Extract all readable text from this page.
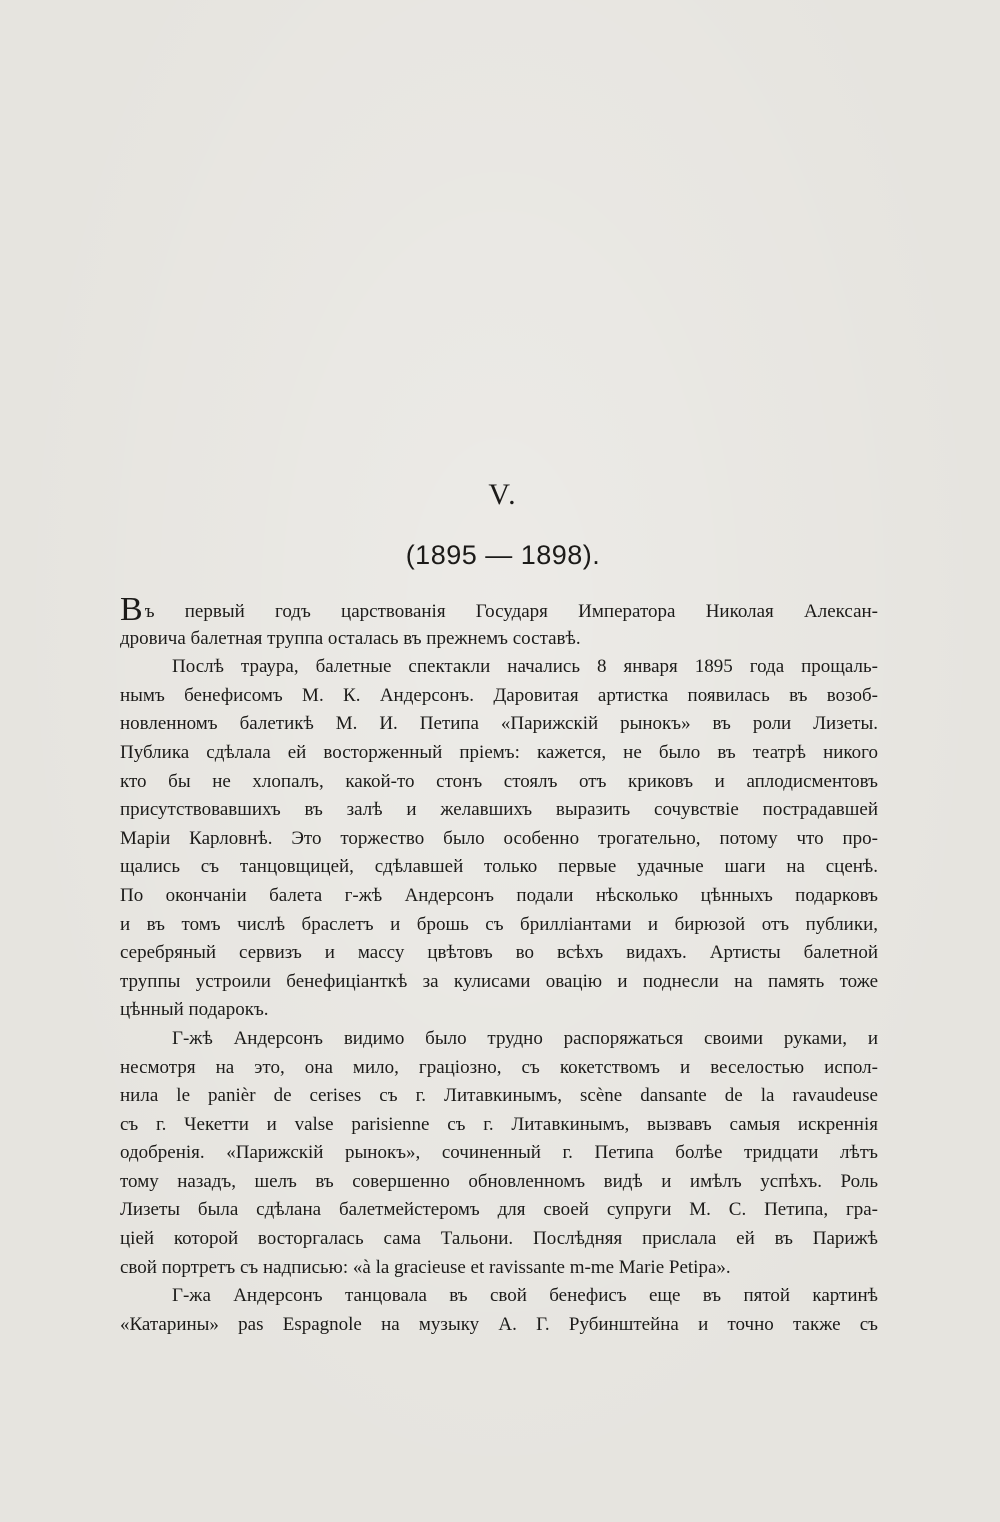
V.
(1895 — 1898).
Въ первый годъ царствованія Государя Императора Николая Алексан-
дровича балетная труппа осталась въ прежнемъ составѣ.
Послѣ траура, балетные спектакли начались 8 января 1895 года прощаль-
нымъ бенефисомъ М. К. Андерсонъ. Даровитая артистка появилась въ возоб-
новленномъ балетикѣ М. И. Петипа «Парижскій рынокъ» въ роли Лизеты.
Публика сдѣлала ей восторженный пріемъ: кажется, не было въ театрѣ никого
кто бы не хлопалъ, какой-то стонъ стоялъ отъ криковъ и аплодисментовъ
присутствовавшихъ въ залѣ и желавшихъ выразить сочувствіе пострадавшей
Маріи Карловнѣ. Это торжество было особенно трогательно, потому что про-
щались съ танцовщицей, сдѣлавшей только первые удачные шаги на сценѣ.
По окончаніи балета г-жѣ Андерсонъ подали нѣсколько цѣнныхъ подарковъ
и въ томъ числѣ браслетъ и брошь съ брилліантами и бирюзой отъ публики,
серебряный сервизъ и массу цвѣтовъ во всѣхъ видахъ. Артисты балетной
труппы устроили бенефиціанткѣ за кулисами овацію и поднесли на память тоже
цѣнный подарокъ.
Г-жѣ Андерсонъ видимо было трудно распоряжаться своими руками, и
несмотря на это, она мило, граціозно, съ кокетствомъ и веселостью испол-
нила le panièr de cerises съ г. Литавкинымъ, scène dansante de la ravaudeuse
съ г. Чекетти и valse parisienne съ г. Литавкинымъ, вызвавъ самыя искреннія
одобренія. «Парижскій рынокъ», сочиненный г. Петипа болѣе тридцати лѣтъ
тому назадъ, шелъ въ совершенно обновленномъ видѣ и имѣлъ успѣхъ. Роль
Лизеты была сдѣлана балетмейстеромъ для своей супруги М. С. Петипа, гра-
ціей которой восторгалась сама Тальони. Послѣдняя прислала ей въ Парижѣ
свой портретъ съ надписью: «à la gracieuse et ravissante m-me Marie Petipa».
Г-жа Андерсонъ танцовала въ свой бенефисъ еще въ пятой картинѣ
«Катарины» pas Espagnole на музыку А. Г. Рубинштейна и точно также съ
